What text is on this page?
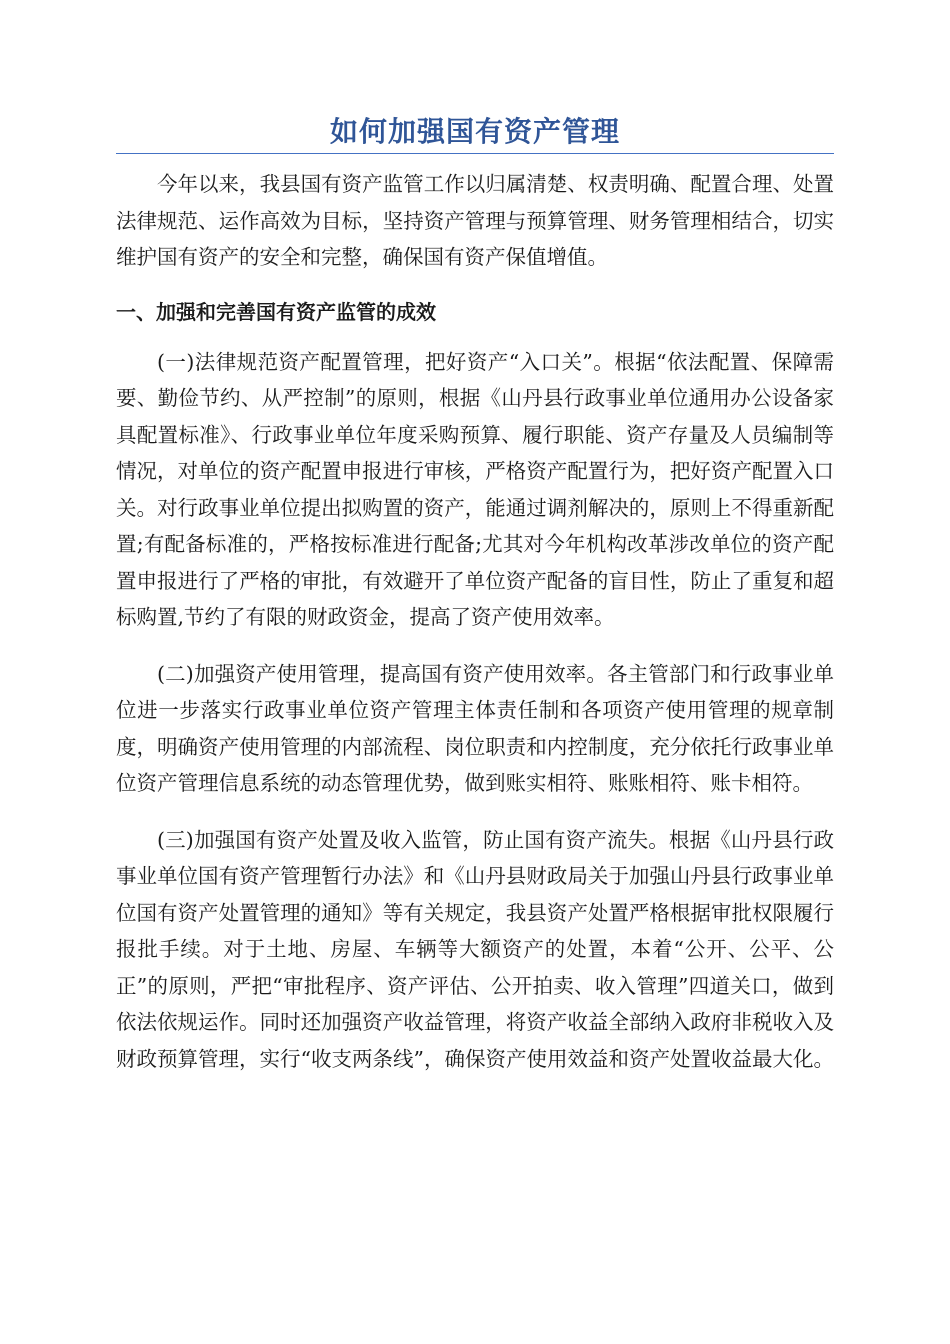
如何加强国有资产管理

今年以来，我县国有资产监管工作以归属清楚、权责明确、配置合理、处置法律规范、运作高效为目标，坚持资产管理与预算管理、财务管理相结合，切实维护国有资产的安全和完整，确保国有资产保值增值。

一、加强和完善国有资产监管的成效

(一)法律规范资产配置管理，把好资产“入口关”。根据“依法配置、保障需要、勤俭节约、从严控制”的原则，根据《山丹县行政事业单位通用办公设备家具配置标准》、行政事业单位年度采购预算、履行职能、资产存量及人员编制等情况，对单位的资产配置申报进行审核，严格资产配置行为，把好资产配置入口关。对行政事业单位提出拟购置的资产，能通过调剂解决的，原则上不得重新配置;有配备标准的，严格按标准进行配备;尤其对今年机构改革涉改单位的资产配置申报进行了严格的审批，有效避开了单位资产配备的盲目性，防止了重复和超标购置,节约了有限的财政资金，提高了资产使用效率。

(二)加强资产使用管理，提高国有资产使用效率。各主管部门和行政事业单位进一步落实行政事业单位资产管理主体责任制和各项资产使用管理的规章制度，明确资产使用管理的内部流程、岗位职责和内控制度，充分依托行政事业单位资产管理信息系统的动态管理优势，做到账实相符、账账相符、账卡相符。

(三)加强国有资产处置及收入监管，防止国有资产流失。根据《山丹县行政事业单位国有资产管理暂行办法》和《山丹县财政局关于加强山丹县行政事业单位国有资产处置管理的通知》等有关规定，我县资产处置严格根据审批权限履行报批手续。对于土地、房屋、车辆等大额资产的处置，本着“公开、公平、公正”的原则，严把“审批程序、资产评估、公开拍卖、收入管理”四道关口，做到依法依规运作。同时还加强资产收益管理，将资产收益全部纳入政府非税收入及财政预算管理，实行“收支两条线”，确保资产使用效益和资产处置收益最大化。
